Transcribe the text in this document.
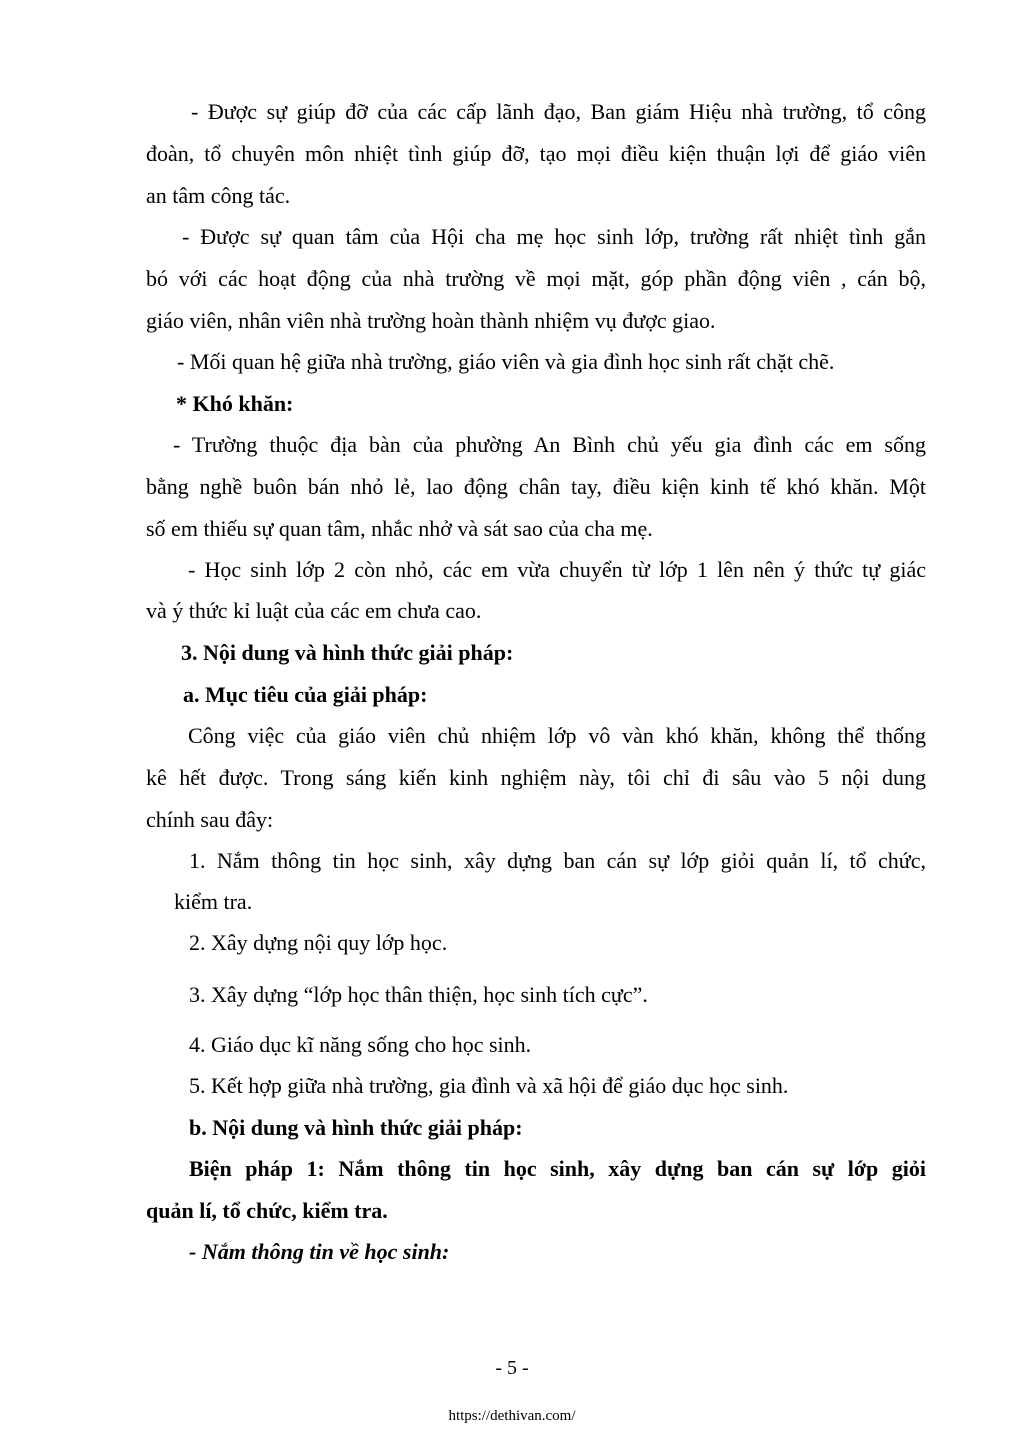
- Được sự giúp đỡ của các cấp lãnh đạo, Ban giám Hiệu nhà trường, tổ công
đoàn, tổ chuyên môn nhiệt tình giúp đỡ, tạo mọi điều kiện thuận lợi để giáo viên
an tâm công tác.
- Được sự quan tâm của Hội cha mẹ học sinh lớp, trường rất nhiệt tình gắn
bó với các hoạt động của nhà trường về mọi mặt, góp phần động viên , cán bộ,
giáo viên, nhân viên nhà trường hoàn thành nhiệm vụ được giao.
- Mối quan hệ giữa nhà trường, giáo viên và gia đình học sinh rất chặt chẽ.
* Khó khăn:
- Trường thuộc địa bàn của phường An Bình chủ yếu gia đình các em sống
bằng nghề buôn bán nhỏ lẻ, lao động chân tay, điều kiện kinh tế khó khăn. Một
số em thiếu sự quan tâm, nhắc nhở và sát sao của cha mẹ.
- Học sinh lớp 2 còn nhỏ, các em vừa chuyển từ lớp 1 lên nên ý thức tự giác
và ý thức kỉ luật của các em chưa cao.
3. Nội dung và hình thức giải pháp:
a. Mục tiêu của giải pháp:
Công việc của giáo viên chủ nhiệm lớp vô vàn khó khăn, không thể thống
kê hết được. Trong sáng kiến kinh nghiệm này, tôi chỉ đi sâu vào 5 nội dung
chính sau đây:
1. Nắm thông tin học sinh, xây dựng ban cán sự lớp giỏi quản lí, tổ chức,
kiểm tra.
2. Xây dựng nội quy lớp học.
3. Xây dựng “lớp học thân thiện, học sinh tích cực”.
4. Giáo dục kĩ năng sống cho học sinh.
5. Kết hợp giữa nhà trường, gia đình và xã hội để giáo dục học sinh.
b. Nội dung và hình thức giải pháp:
Biện pháp 1: Nắm thông tin học sinh, xây dựng ban cán sự lớp giỏi
quản lí, tổ chức, kiểm tra.
- Nắm thông tin về học sinh:
- 5 -
https://dethivan.com/
